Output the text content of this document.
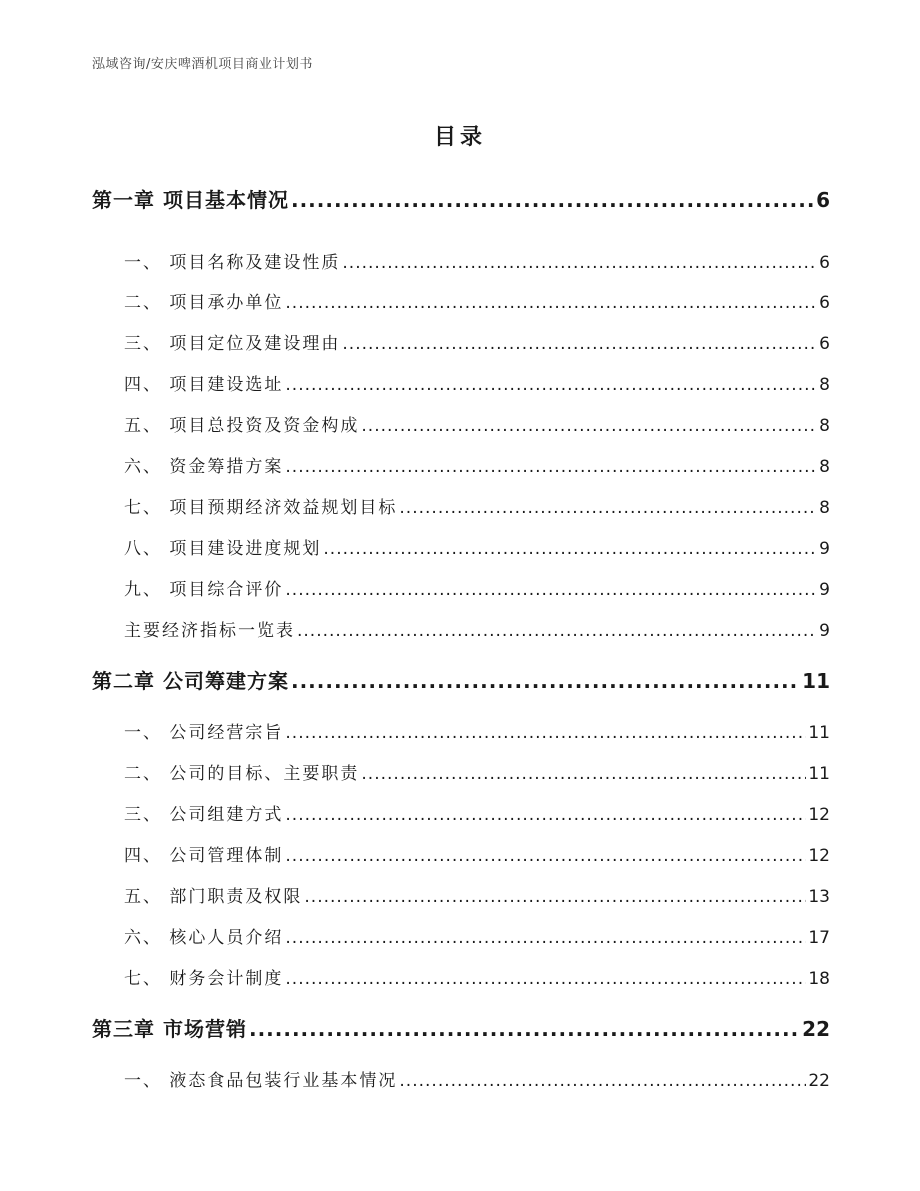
泓域咨询/安庆啤酒机项目商业计划书
目录
第一章 项目基本情况 .....	6
一、 项目名称及建设性质 .....	6
二、 项目承办单位 .....	6
三、 项目定位及建设理由 .....	6
四、 项目建设选址 .....	8
五、 项目总投资及资金构成 .....	8
六、 资金筹措方案 .....	8
七、 项目预期经济效益规划目标 .....	8
八、 项目建设进度规划 .....	9
九、 项目综合评价 .....	9
主要经济指标一览表 .....	9
第二章 公司筹建方案 .....	11
一、 公司经营宗旨 .....	11
二、 公司的目标、主要职责 .....	11
三、 公司组建方式 .....	12
四、 公司管理体制 .....	12
五、 部门职责及权限 .....	13
六、 核心人员介绍 .....	17
七、 财务会计制度 .....	18
第三章 市场营销 .....	22
一、 液态食品包装行业基本情况 .....	22
